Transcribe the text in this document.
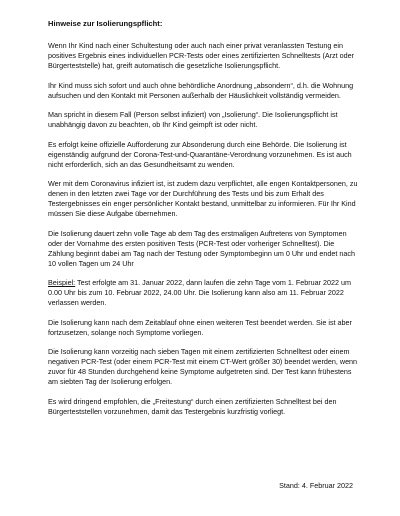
Hinweise zur Isolierungspflicht:

Wenn Ihr Kind nach einer Schultestung oder auch nach einer privat veranlassten Testung ein positives Ergebnis eines individuellen PCR-Tests oder eines zertifizierten Schnelltests (Arzt oder Bürgerteststelle) hat, greift automatisch die gesetzliche Isolierungspflicht.

Ihr Kind muss sich sofort und auch ohne behördliche Anordnung „absondern“, d.h. die Wohnung aufsuchen und den Kontakt mit Personen außerhalb der Häuslichkeit vollständig vermeiden.

Man spricht in diesem Fall (Person selbst infiziert) von „Isolierung“. Die Isolierungspflicht ist unabhängig davon zu beachten, ob Ihr Kind geimpft ist oder nicht.

Es erfolgt keine offizielle Aufforderung zur Absonderung durch eine Behörde. Die Isolierung ist eigenständig aufgrund der Corona-Test-und-Quarantäne-Verordnung vorzunehmen. Es ist auch nicht erforderlich, sich an das Gesundheitsamt zu wenden.

Wer mit dem Coronavirus infiziert ist, ist zudem dazu verpflichtet, alle engen Kontaktpersonen, zu denen in den letzten zwei Tage vor der Durchführung des Tests und bis zum Erhalt des Testergebnisses ein enger persönlicher Kontakt bestand, unmittelbar zu informieren. Für Ihr Kind müssen Sie diese Aufgabe übernehmen.

Die Isolierung dauert zehn volle Tage ab dem Tag des erstmaligen Auftretens von Symptomen oder der Vornahme des ersten positiven Tests (PCR-Test oder vorheriger Schnelltest). Die Zählung beginnt dabei am Tag nach der Testung oder Symptombeginn um 0 Uhr und endet nach 10 vollen Tagen um 24 Uhr

Beispiel: Test erfolgte am 31. Januar 2022, dann laufen die zehn Tage vom 1. Februar 2022 um 0.00 Uhr bis zum 10. Februar 2022, 24.00 Uhr. Die Isolierung kann also am 11. Februar 2022 verlassen werden.

Die Isolierung kann nach dem Zeitablauf ohne einen weiteren Test beendet werden. Sie ist aber fortzusetzen, solange noch Symptome vorliegen.

Die Isolierung kann vorzeitig nach sieben Tagen mit einem zertifizierten Schnelltest oder einem negativen PCR-Test (oder einem PCR-Test mit einem CT-Wert größer 30) beendet werden, wenn zuvor für 48 Stunden durchgehend keine Symptome aufgetreten sind. Der Test kann frühestens am siebten Tag der Isolierung erfolgen.

Es wird dringend empfohlen, die „Freitestung“ durch einen zertifizierten Schnelltest bei den Bürgerteststellen vorzunehmen, damit das Testergebnis kurzfristig vorliegt.

Stand: 4. Februar 2022
